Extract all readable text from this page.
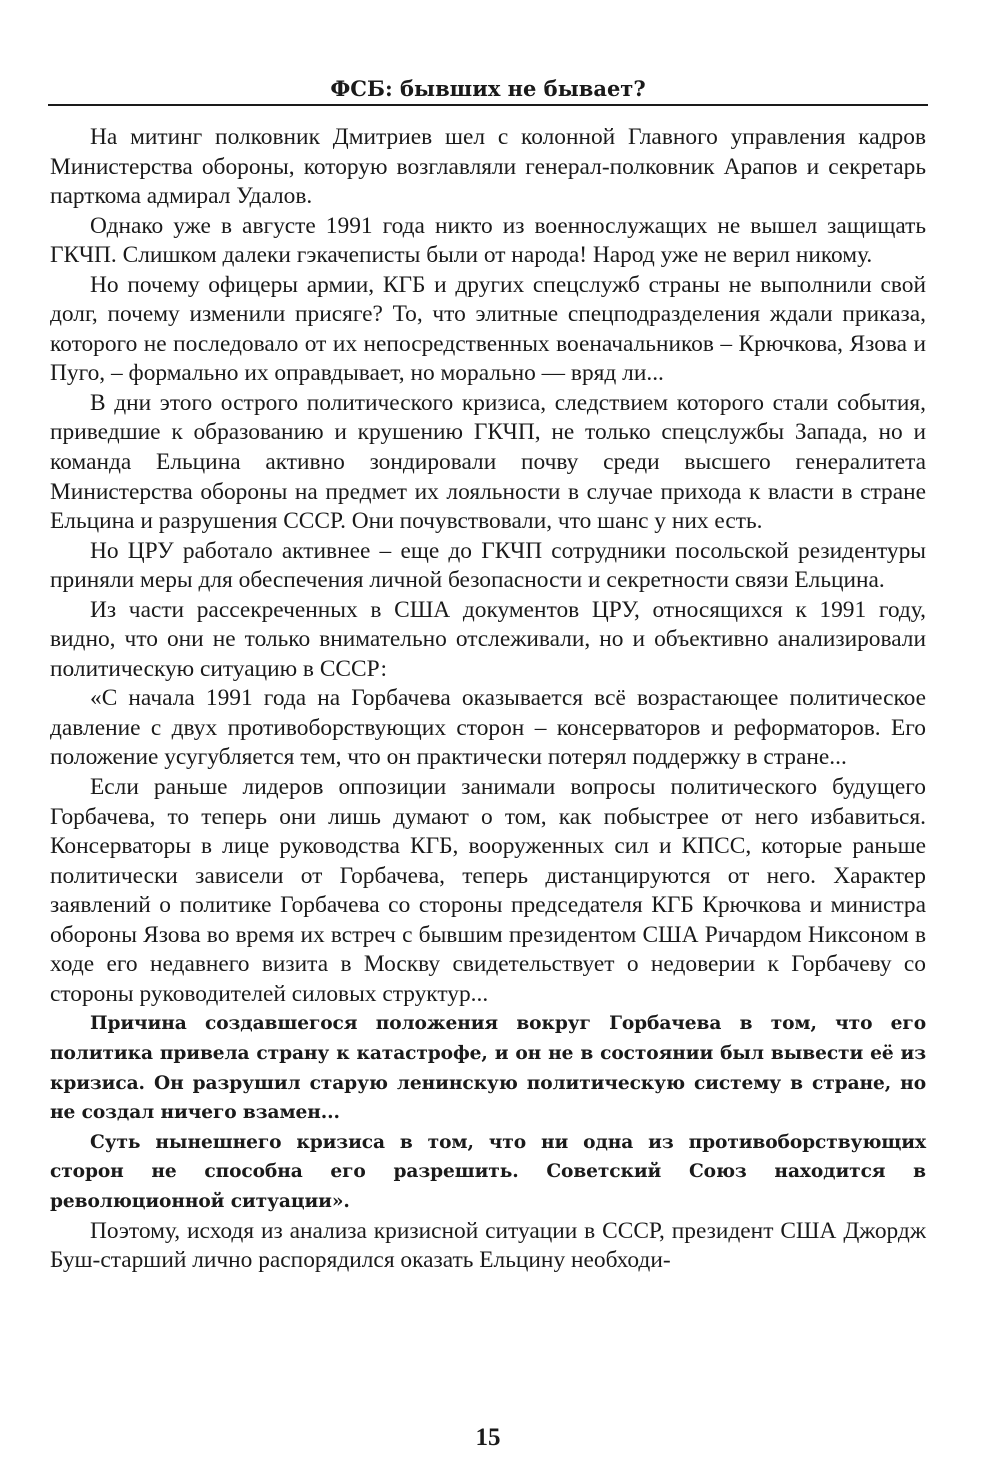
ФСБ: бывших не бывает?

На митинг полковник Дмитриев шел с колонной Главного управления кадров Министерства обороны, которую возглавляли генерал-полковник Арапов и секретарь парткома адмирал Удалов.

Однако уже в августе 1991 года никто из военнослужащих не вышел защищать ГКЧП. Слишком далеки гэкачеписты были от народа! Народ уже не верил никому.

Но почему офицеры армии, КГБ и других спецслужб страны не выполнили свой долг, почему изменили присяге? То, что элитные спецподразделения ждали приказа, которого не последовало от их непосредственных военачальников – Крючкова, Язова и Пуго, – формально их оправдывает, но морально — вряд ли...

В дни этого острого политического кризиса, следствием которого стали события, приведшие к образованию и крушению ГКЧП, не только спецслужбы Запада, но и команда Ельцина активно зондировали почву среди высшего генералитета Министерства обороны на предмет их лояльности в случае прихода к власти в стране Ельцина и разрушения СССР. Они почувствовали, что шанс у них есть.

Но ЦРУ работало активнее – еще до ГКЧП сотрудники посольской резидентуры приняли меры для обеспечения личной безопасности и секретности связи Ельцина.

Из части рассекреченных в США документов ЦРУ, относящихся к 1991 году, видно, что они не только внимательно отслеживали, но и объективно анализировали политическую ситуацию в СССР:

«С начала 1991 года на Горбачева оказывается всё возрастающее политическое давление с двух противоборствующих сторон – консерваторов и реформаторов. Его положение усугубляется тем, что он практически потерял поддержку в стране...

Если раньше лидеров оппозиции занимали вопросы политического будущего Горбачева, то теперь они лишь думают о том, как побыстрее от него избавиться. Консерваторы в лице руководства КГБ, вооруженных сил и КПСС, которые раньше политически зависели от Горбачева, теперь дистанцируются от него. Характер заявлений о политике Горбачева со стороны председателя КГБ Крючкова и министра обороны Язова во время их встреч с бывшим президентом США Ричардом Никсоном в ходе его недавнего визита в Москву свидетельствует о недоверии к Горбачеву со стороны руководителей силовых структур...

Причина создавшегося положения вокруг Горбачева в том, что его политика привела страну к катастрофе, и он не в состоянии был вывести её из кризиса. Он разрушил старую ленинскую политическую систему в стране, но не создал ничего взамен...

Суть нынешнего кризиса в том, что ни одна из противоборствующих сторон не способна его разрешить. Советский Союз находится в революционной ситуации».

Поэтому, исходя из анализа кризисной ситуации в СССР, президент США Джордж Буш-старший лично распорядился оказать Ельцину необходи-

15
